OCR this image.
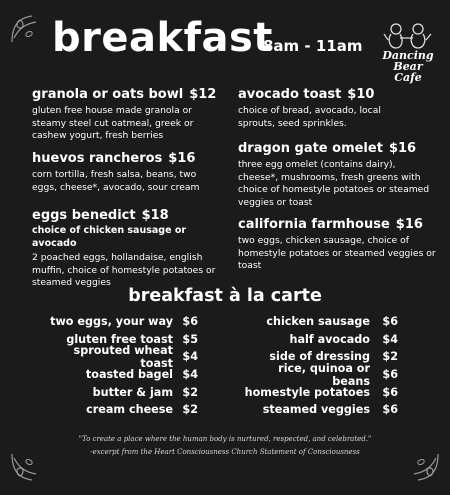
breakfast
8am - 11am
Dancing
Bear
Cafe
granola or oats bowl $12
gluten free house made granola or steamy steel cut oatmeal, greek or cashew yogurt, fresh berries
huevos rancheros $16
corn tortilla, fresh salsa, beans, two eggs, cheese*, avocado, sour cream
eggs benedict $18
choice of chicken sausage or avocado
2 poached eggs, hollandaise, english muffin, choice of homestyle potatoes or steamed veggies
avocado toast $10
choice of bread, avocado, local sprouts, seed sprinkles.
dragon gate omelet $16
three egg omelet (contains dairy), cheese*, mushrooms, fresh greens with choice of homestyle potatoes or steamed veggies or toast
california farmhouse $16
two eggs, chicken sausage, choice of homestyle potatoes or steamed veggies or toast
breakfast à la carte
two eggs, your way $6
gluten free toast $5
sprouted wheat toast $4
toasted bagel $4
butter & jam $2
cream cheese $2
chicken sausage	$6
half avocado	$4
side of dressing	$2
rice, quinoa or beans	$6
homestyle potatoes	$6
steamed veggies	$6
"To create a place where the human body is nurtured, respected, and celebrated."
-excerpt from the Heart Consciousness Church Statement of Consciousness
